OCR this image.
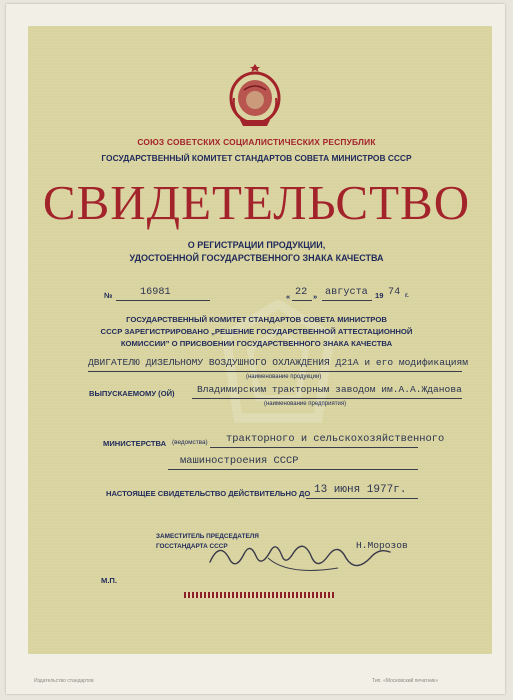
СОЮЗ СОВЕТСКИХ СОЦИАЛИСТИЧЕСКИХ РЕСПУБЛИК
ГОСУДАРСТВЕННЫЙ КОМИТЕТ СТАНДАРТОВ СОВЕТА МИНИСТРОВ СССР
СВИДЕТЕЛЬСТВО
О РЕГИСТРАЦИИ ПРОДУКЦИИ,
УДОСТОЕННОЙ ГОСУДАРСТВЕННОГО ЗНАКА КАЧЕСТВА
№	16981	« 22 » августа 19 74 г.
ГОСУДАРСТВЕННЫЙ КОМИТЕТ СТАНДАРТОВ СОВЕТА МИНИСТРОВ
СССР ЗАРЕГИСТРИРОВАНО „РЕШЕНИЕ ГОСУДАРСТВЕННОЙ АТТЕСТАЦИОННОЙ
КОМИССИИ” О ПРИСВОЕНИИ ГОСУДАРСТВЕННОГО ЗНАКА КАЧЕСТВА
ДВИГАТЕЛЮ ДИЗЕЛЬНОМУ ВОЗДУШНОГО ОХЛАЖДЕНИЯ Д21А и его модификациям
(наименование продукции)
ВЫПУСКАЕМОМУ (ОЙ) Владимирским тракторным заводом им.А.А.Жданова
(наименование предприятия)
МИНИСТЕРСТВА (ведомства) тракторного и сельскохозяйственного
машиностроения СССР
НАСТОЯЩЕЕ СВИДЕТЕЛЬСТВО ДЕЙСТВИТЕЛЬНО ДО 13 июня 1977г.
ЗАМЕСТИТЕЛЬ ПРЕДСЕДАТЕЛЯ
ГОССТАНДАРТА СССР	Н.Морозов
М.П.
Издательство стандартов	Тип. «Московский печатник»
